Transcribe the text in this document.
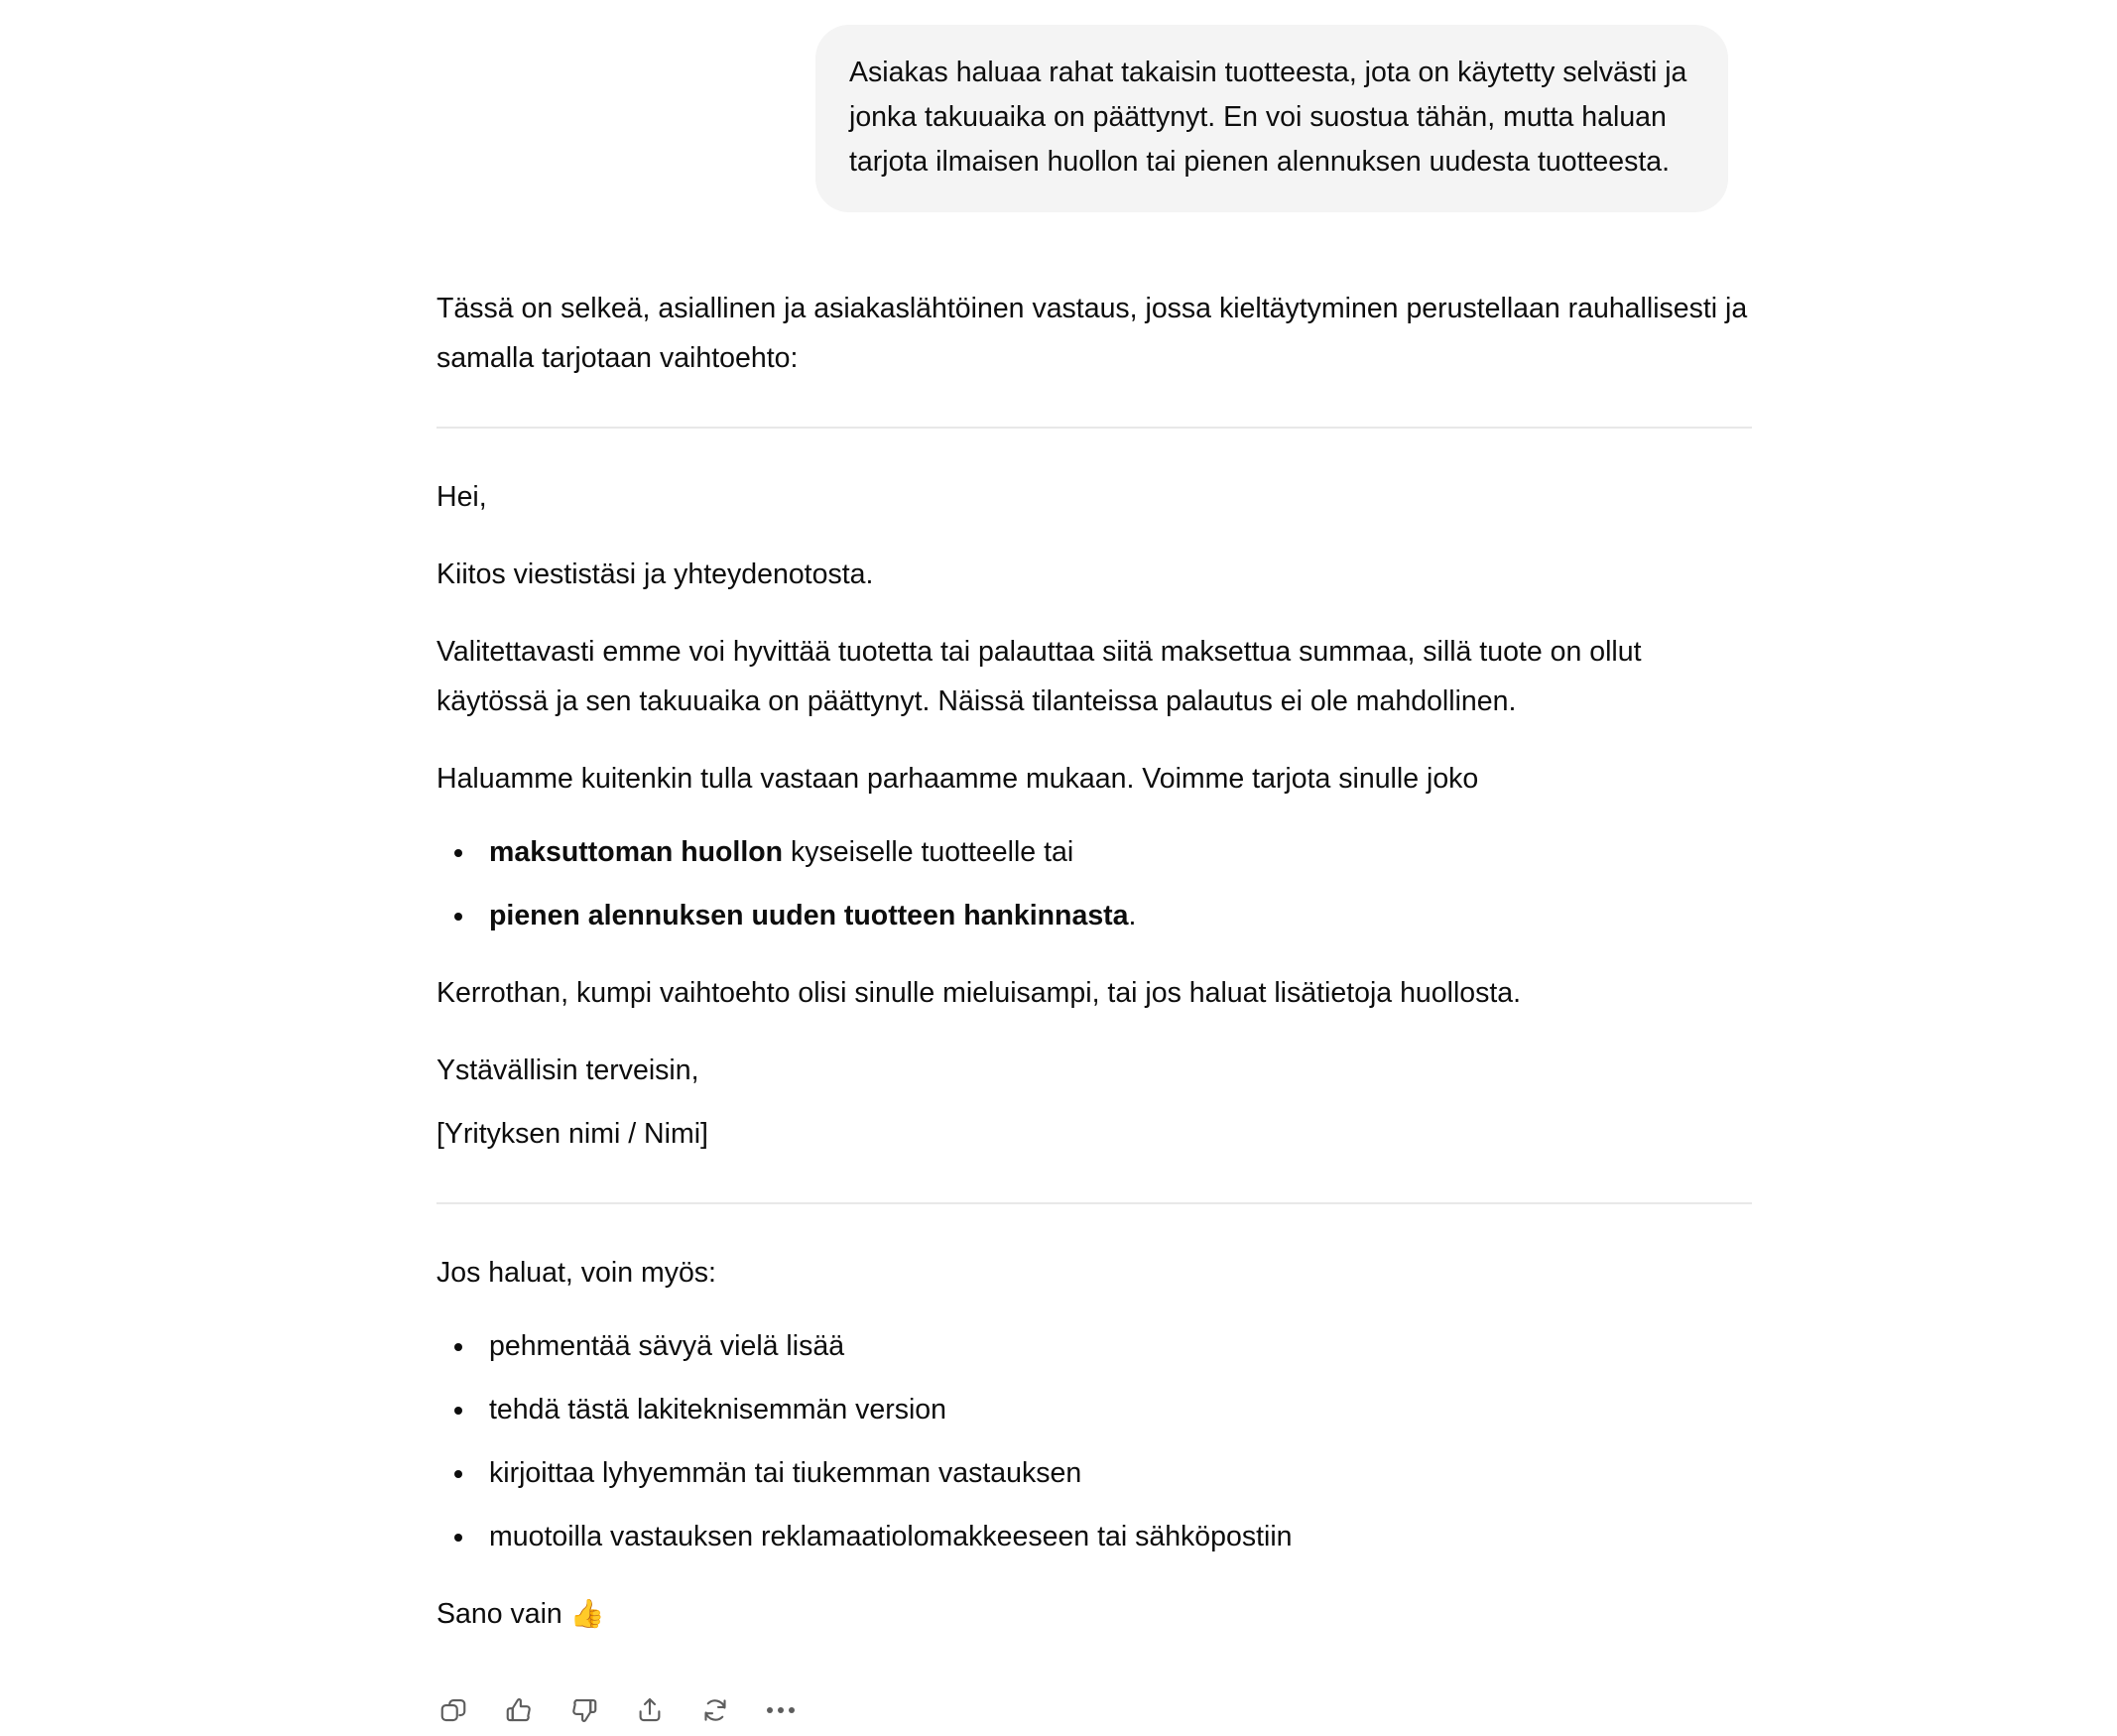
Asiakas haluaa rahat takaisin tuotteesta, jota on käytetty selvästi ja jonka takuuaika on päättynyt. En voi suostua tähän, mutta haluan tarjota ilmaisen huollon tai pienen alennuksen uudesta tuotteesta.

Tässä on selkeä, asiallinen ja asiakaslähtöinen vastaus, jossa kieltäytyminen perustellaan rauhallisesti ja samalla tarjotaan vaihtoehto:

Hei,

Kiitos viestistäsi ja yhteydenotosta.

Valitettavasti emme voi hyvittää tuotetta tai palauttaa siitä maksettua summaa, sillä tuote on ollut käytössä ja sen takuuaika on päättynyt. Näissä tilanteissa palautus ei ole mahdollinen.

Haluamme kuitenkin tulla vastaan parhaamme mukaan. Voimme tarjota sinulle joko

maksuttoman huollon kyseiselle tuotteelle tai
pienen alennuksen uuden tuotteen hankinnasta.

Kerrothan, kumpi vaihtoehto olisi sinulle mieluisampi, tai jos haluat lisätietoja huollosta.

Ystävällisin terveisin,

[Yrityksen nimi / Nimi]

Jos haluat, voin myös:

pehmentää sävyä vielä lisää
tehdä tästä lakiteknisemmän version
kirjoittaa lyhyemmän tai tiukemman vastauksen
muotoilla vastauksen reklamaatiolomakkeeseen tai sähköpostiin

Sano vain 👍
